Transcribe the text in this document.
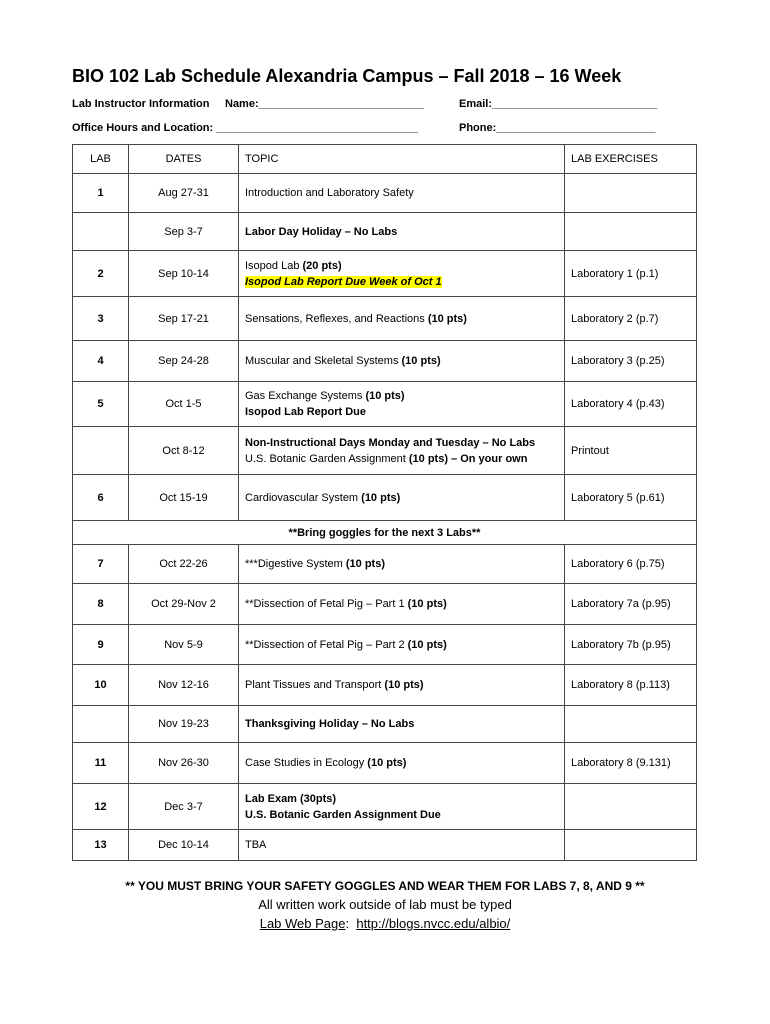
BIO 102 Lab Schedule Alexandria Campus – Fall 2018 – 16 Week
Lab Instructor Information Name:___________________________	Email:___________________________
Office Hours and Location: _________________________________	Phone:__________________________
LAB	DATES	TOPIC	LAB EXERCISES
1	Aug 27-31	Introduction and Laboratory Safety	
	Sep 3-7	Labor Day Holiday – No Labs	
2	Sep 10-14	Isopod Lab (20 pts)
Isopod Lab Report Due Week of Oct 1	Laboratory 1 (p.1)
3	Sep 17-21	Sensations, Reflexes, and Reactions (10 pts)	Laboratory 2 (p.7)
4	Sep 24-28	Muscular and Skeletal Systems (10 pts)	Laboratory 3 (p.25)
5	Oct 1-5	Gas Exchange Systems (10 pts)
Isopod Lab Report Due	Laboratory 4 (p.43)
	Oct 8-12	Non-Instructional Days Monday and Tuesday – No Labs
U.S. Botanic Garden Assignment (10 pts) – On your own	Printout
6	Oct 15-19	Cardiovascular System (10 pts)	Laboratory 5 (p.61)
**Bring goggles for the next 3 Labs**			
7	Oct 22-26	***Digestive System (10 pts)	Laboratory 6 (p.75)
8	Oct 29-Nov 2	**Dissection of Fetal Pig – Part 1 (10 pts)	Laboratory 7a (p.95)
9	Nov 5-9	**Dissection of Fetal Pig – Part 2 (10 pts)	Laboratory 7b (p.95)
10	Nov 12-16	Plant Tissues and Transport (10 pts)	Laboratory 8 (p.113)
	Nov 19-23	Thanksgiving Holiday – No Labs	
11	Nov 26-30	Case Studies in Ecology (10 pts)	Laboratory 8 (9.131)
12	Dec 3-7	Lab Exam (30pts)
U.S. Botanic Garden Assignment Due	

13	Dec 10-14	TBA	
** YOU MUST BRING YOUR SAFETY GOGGLES AND WEAR THEM FOR LABS 7, 8, AND 9 **
All written work outside of lab must be typed
Lab Web Page:  http://blogs.nvcc.edu/albio/
